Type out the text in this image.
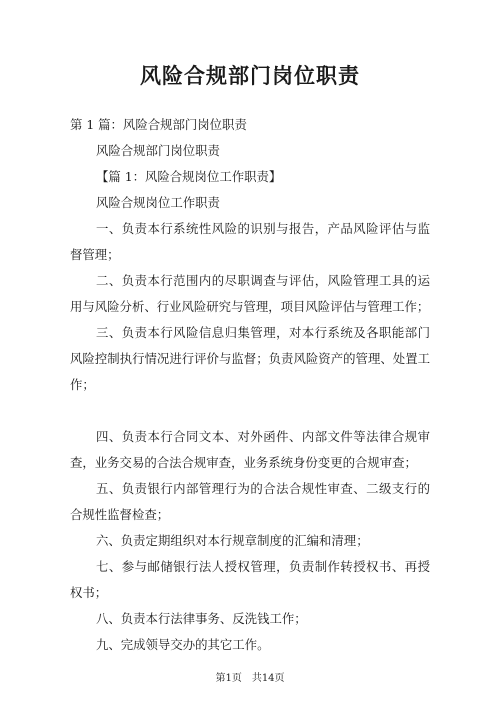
风险合规部门岗位职责
第 1 篇：风险合规部门岗位职责
风险合规部门岗位职责
【篇 1：风险合规岗位工作职责】
风险合规岗位工作职责
一、负责本行系统性风险的识别与报告，产品风险评估与监督管理；
二、负责本行范围内的尽职调查与评估，风险管理工具的运用与风险分析、行业风险研究与管理，项目风险评估与管理工作；
三、负责本行风险信息归集管理，对本行系统及各职能部门风险控制执行情况进行评价与监督；负责风险资产的管理、处置工作；
四、负责本行合同文本、对外函件、内部文件等法律合规审查，业务交易的合法合规审查，业务系统身份变更的合规审查；
五、负责银行内部管理行为的合法合规性审查、二级支行的合规性监督检查；
六、负责定期组织对本行规章制度的汇编和清理；
七、参与邮储银行法人授权管理，负责制作转授权书、再授权书；
八、负责本行法律事务、反洗钱工作；
九、完成领导交办的其它工作。
第1页　共14页
